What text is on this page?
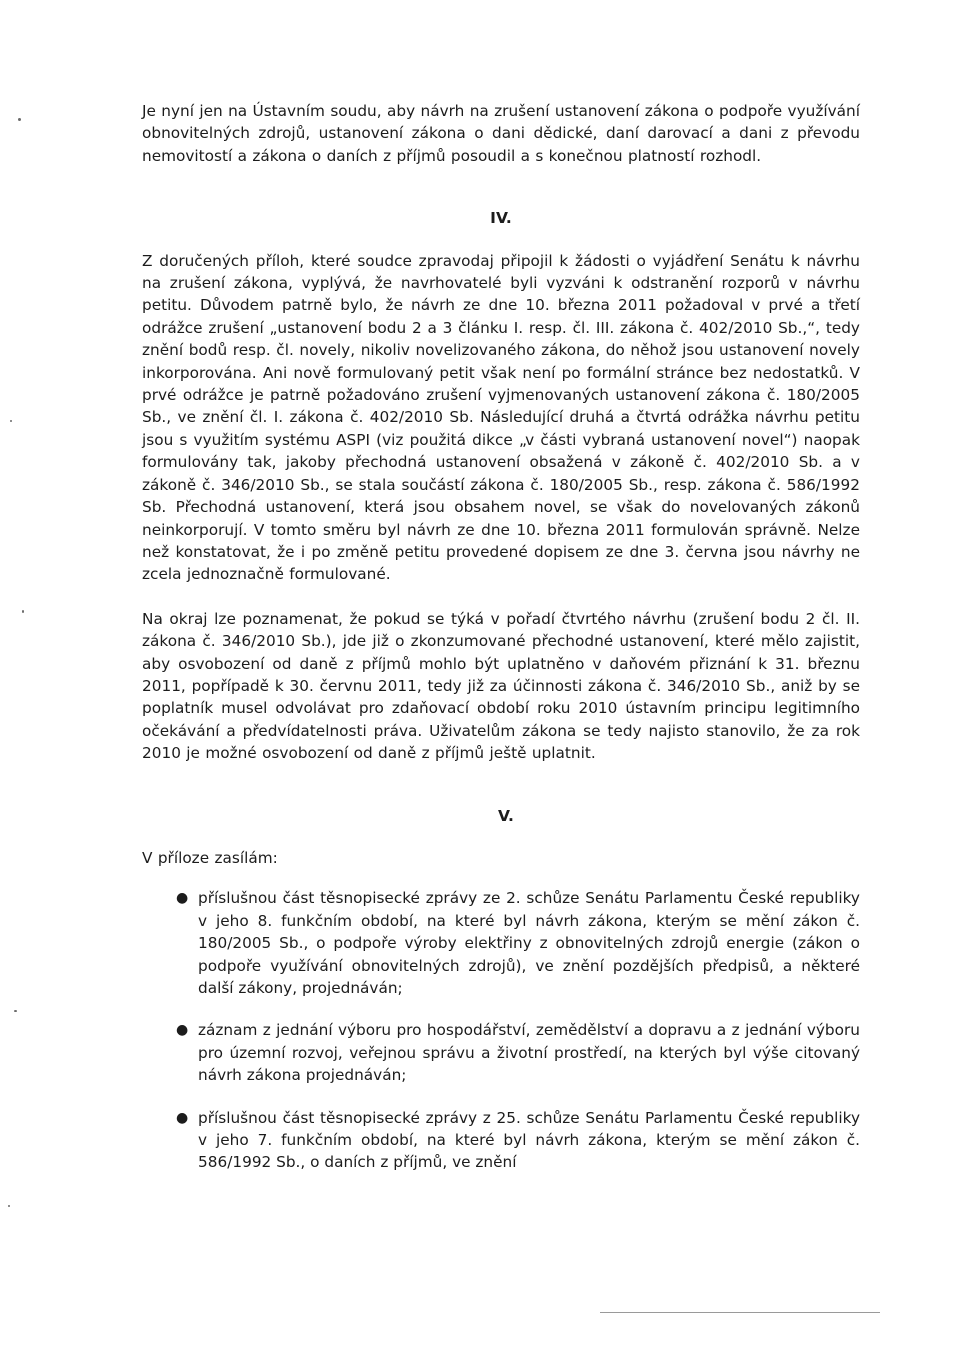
Je nyní jen na Ústavním soudu, aby návrh na zrušení ustanovení zákona o podpoře využívání obnovitelných zdrojů, ustanovení zákona o dani dědické, daní darovací a dani z převodu nemovitostí a zákona o daních z příjmů posoudil a s konečnou platností rozhodl.

IV.

Z doručených příloh, které soudce zpravodaj připojil k žádosti o vyjádření Senátu k návrhu na zrušení zákona, vyplývá, že navrhovatelé byli vyzváni k odstranění rozporů v návrhu petitu. Důvodem patrně bylo, že návrh ze dne 10. března 2011 požadoval v prvé a třetí odrážce zrušení „ustanovení bodu 2 a 3 článku I. resp. čl. III. zákona č. 402/2010 Sb.,“, tedy znění bodů resp. čl. novely, nikoliv novelizovaného zákona, do něhož jsou ustanovení novely inkorporována. Ani nově formulovaný petit však není po formální stránce bez nedostatků. V prvé odrážce je patrně požadováno zrušení vyjmenovaných ustanovení zákona č. 180/2005 Sb., ve znění čl. I. zákona č. 402/2010 Sb. Následující druhá a čtvrtá odrážka návrhu petitu jsou s využitím systému ASPI (viz použitá dikce „v části vybraná ustanovení novel“) naopak formulovány tak, jakoby přechodná ustanovení obsažená v zákoně č. 402/2010 Sb. a v zákoně č. 346/2010 Sb., se stala součástí zákona č. 180/2005 Sb., resp. zákona č. 586/1992 Sb. Přechodná ustanovení, která jsou obsahem novel, se však do novelovaných zákonů neinkorporují. V tomto směru byl návrh ze dne 10. března 2011 formulován správně. Nelze než konstatovat, že i po změně petitu provedené dopisem ze dne 3. června jsou návrhy ne zcela jednoznačně formulované.

Na okraj lze poznamenat, že pokud se týká v pořadí čtvrtého návrhu (zrušení bodu 2 čl. II. zákona č. 346/2010 Sb.), jde již o zkonzumované přechodné ustanovení, které mělo zajistit, aby osvobození od daně z příjmů mohlo být uplatněno v daňovém přiznání k 31. březnu 2011, popřípadě k 30. červnu 2011, tedy již za účinnosti zákona č. 346/2010 Sb., aniž by se poplatník musel odvolávat pro zdaňovací období roku 2010 ústavním principu legitimního očekávání a předvídatelnosti práva. Uživatelům zákona se tedy najisto stanovilo, že za rok 2010 je možné osvobození od daně z příjmů ještě uplatnit.

V.

V příloze zasílám:

● příslušnou část těsnopisecké zprávy ze 2. schůze Senátu Parlamentu České republiky v jeho 8. funkčním období, na které byl návrh zákona, kterým se mění zákon č. 180/2005 Sb., o podpoře výroby elektřiny z obnovitelných zdrojů energie (zákon o podpoře využívání obnovitelných zdrojů), ve znění pozdějších předpisů, a některé další zákony, projednáván;
● záznam z jednání výboru pro hospodářství, zemědělství a dopravu a z jednání výboru pro územní rozvoj, veřejnou správu a životní prostředí, na kterých byl výše citovaný návrh zákona projednáván;
● příslušnou část těsnopisecké zprávy z 25. schůze Senátu Parlamentu České republiky v jeho 7. funkčním období, na které byl návrh zákona, kterým se mění zákon č. 586/1992 Sb., o daních z příjmů, ve znění
